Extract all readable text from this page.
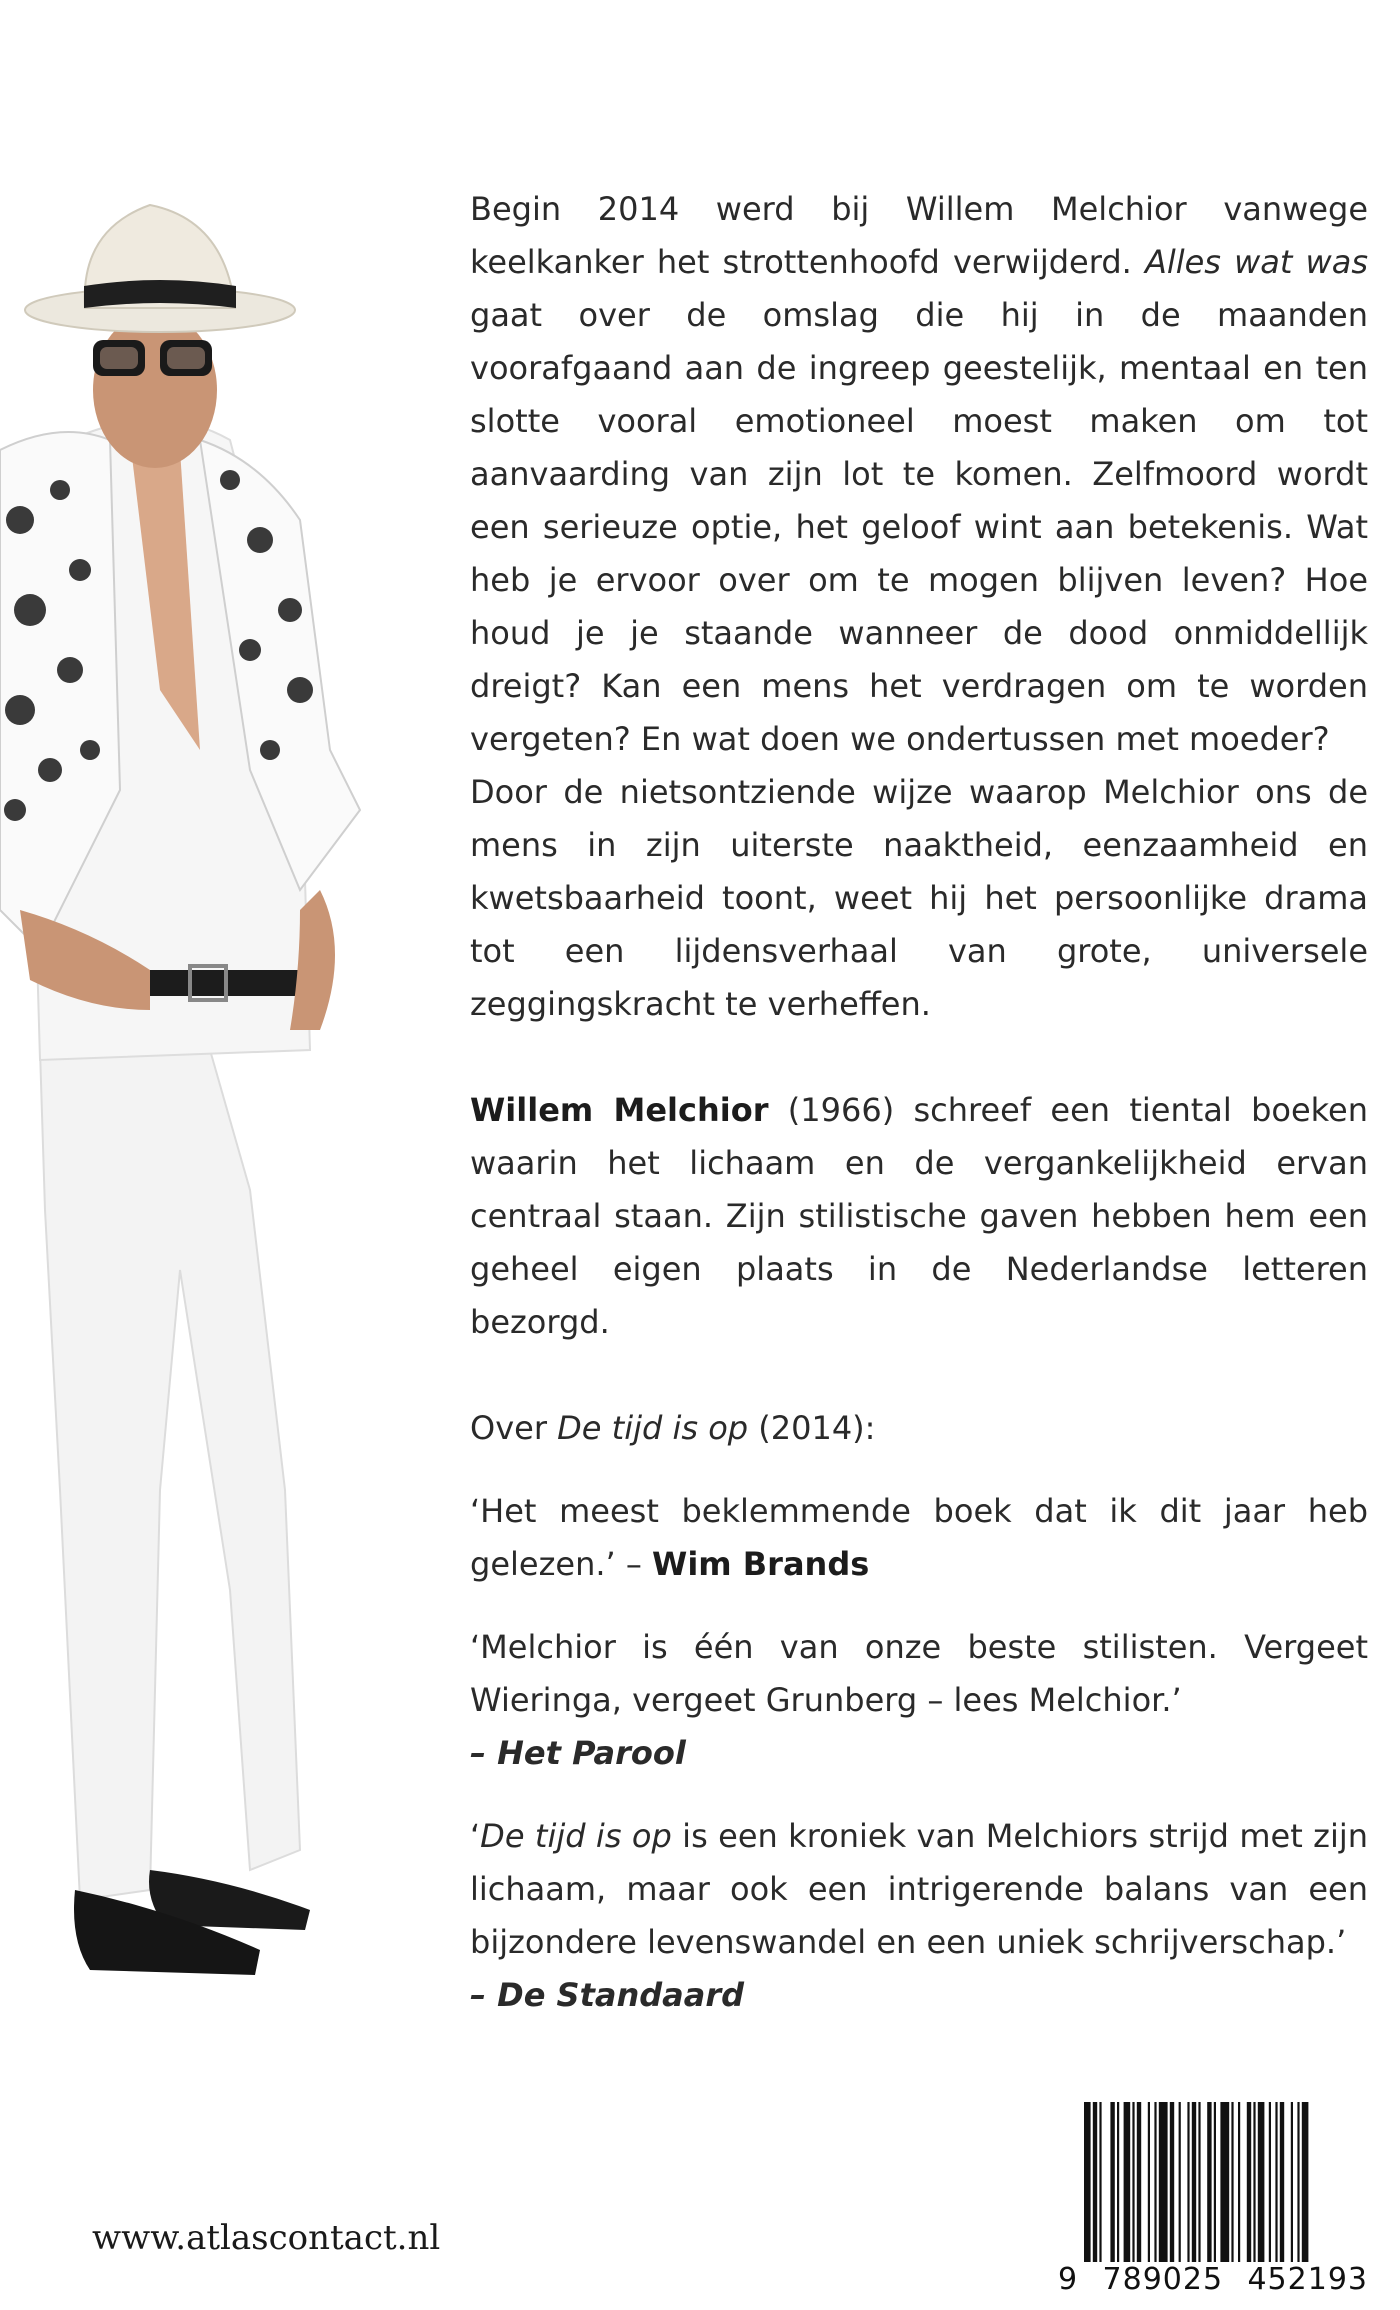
Begin 2014 werd bij Willem Melchior vanwege keelkanker het strottenhoofd verwijderd. Alles wat was gaat over de omslag die hij in de maanden voorafgaand aan de ingreep geestelijk, mentaal en ten slotte vooral emotioneel moest maken om tot aanvaarding van zijn lot te komen. Zelfmoord wordt een serieuze optie, het geloof wint aan betekenis. Wat heb je ervoor over om te mogen blijven leven? Hoe houd je je staande wanneer de dood onmiddellijk dreigt? Kan een mens het verdragen om te worden vergeten? En wat doen we ondertussen met moeder?

Door de nietsontziende wijze waarop Melchior ons de mens in zijn uiterste naaktheid, eenzaamheid en kwetsbaarheid toont, weet hij het persoonlijke drama tot een lijdensverhaal van grote, universele zeggingskracht te verheffen.

Willem Melchior (1966) schreef een tiental boeken waarin het lichaam en de vergankelijkheid ervan centraal staan. Zijn stilistische gaven hebben hem een geheel eigen plaats in de Nederlandse letteren bezorgd.

Over De tijd is op (2014):

‘Het meest beklemmende boek dat ik dit jaar heb gelezen.’ – Wim Brands

‘Melchior is één van onze beste stilisten. Vergeet Wieringa, vergeet Grunberg – lees Melchior.’
– Het Parool

‘De tijd is op is een kroniek van Melchiors strijd met zijn lichaam, maar ook een intrigerende balans van een bijzondere levenswandel en een uniek schrijverschap.’
– De Standaard

www.atlascontact.nl
9 789025 452193
